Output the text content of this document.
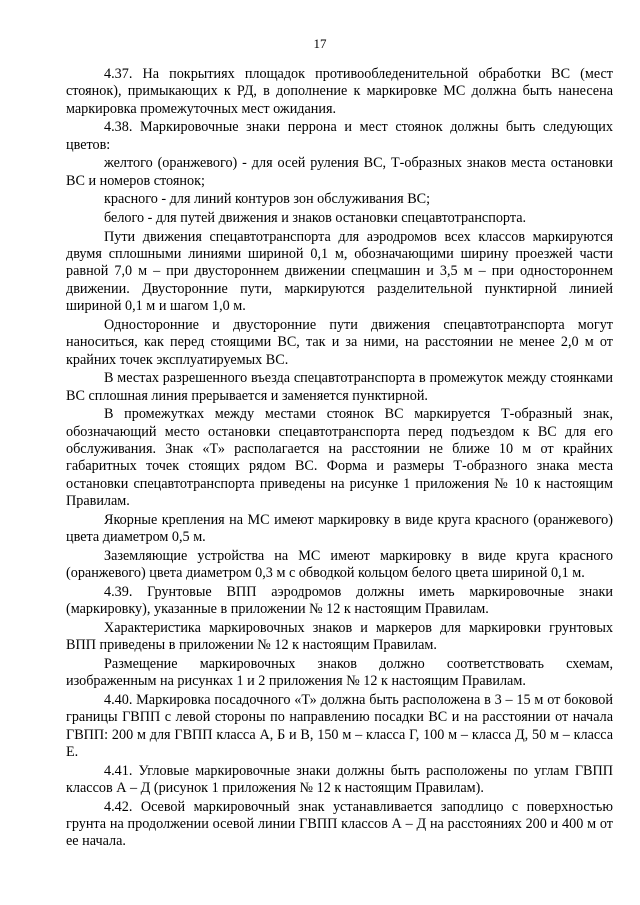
17

4.37. На покрытиях площадок противообледенительной обработки ВС (мест стоянок), примыкающих к РД, в дополнение к маркировке МС должна быть нанесена маркировка промежуточных мест ожидания.

4.38. Маркировочные знаки перрона и мест стоянок должны быть следующих цветов:

желтого (оранжевого) - для осей руления ВС, Т-образных знаков места остановки ВС и номеров стоянок;

красного - для линий контуров зон обслуживания ВС;

белого - для путей движения и знаков остановки спецавтотранспорта.

Пути движения спецавтотранспорта для аэродромов всех классов маркируются двумя сплошными линиями шириной 0,1 м, обозначающими ширину проезжей части равной 7,0 м – при двустороннем движении спецмашин и 3,5 м – при одностороннем движении. Двусторонние пути, маркируются разделительной пунктирной линией шириной 0,1 м и шагом 1,0 м.

Односторонние и двусторонние пути движения спецавтотранспорта могут наноситься, как перед стоящими ВС, так и за ними, на расстоянии не менее 2,0 м от крайних точек эксплуатируемых ВС.

В местах разрешенного въезда спецавтотранспорта в промежуток между стоянками ВС сплошная линия прерывается и заменяется пунктирной.

В промежутках между местами стоянок ВС маркируется Т-образный знак, обозначающий место остановки спецавтотранспорта перед подъездом к ВС для его обслуживания. Знак «Т» располагается на расстоянии не ближе 10 м от крайних габаритных точек стоящих рядом ВС. Форма и размеры Т-образного знака места остановки спецавтотранспорта приведены на рисунке 1 приложения № 10 к настоящим Правилам.

Якорные крепления на МС имеют маркировку в виде круга красного (оранжевого) цвета диаметром 0,5 м.

Заземляющие устройства на МС имеют маркировку в виде круга красного (оранжевого) цвета диаметром 0,3 м с обводкой кольцом белого цвета шириной 0,1 м.

4.39. Грунтовые ВПП аэродромов должны иметь маркировочные знаки (маркировку), указанные в приложении № 12 к настоящим Правилам.

Характеристика маркировочных знаков и маркеров для маркировки грунтовых ВПП приведены в приложении № 12 к настоящим Правилам.

Размещение маркировочных знаков должно соответствовать схемам, изображенным на рисунках 1 и 2 приложения № 12 к настоящим Правилам.

4.40. Маркировка посадочного «Т» должна быть расположена в 3 – 15 м от боковой границы ГВПП с левой стороны по направлению посадки ВС и на расстоянии от начала ГВПП: 200 м для ГВПП класса А, Б и В, 150 м – класса Г, 100 м – класса Д, 50 м – класса Е.

4.41. Угловые маркировочные знаки должны быть расположены по углам ГВПП классов А – Д (рисунок 1 приложения № 12 к настоящим Правилам).

4.42. Осевой маркировочный знак устанавливается заподлицо с поверхностью грунта на продолжении осевой линии ГВПП классов А – Д на расстояниях 200 и 400 м от ее начала.
